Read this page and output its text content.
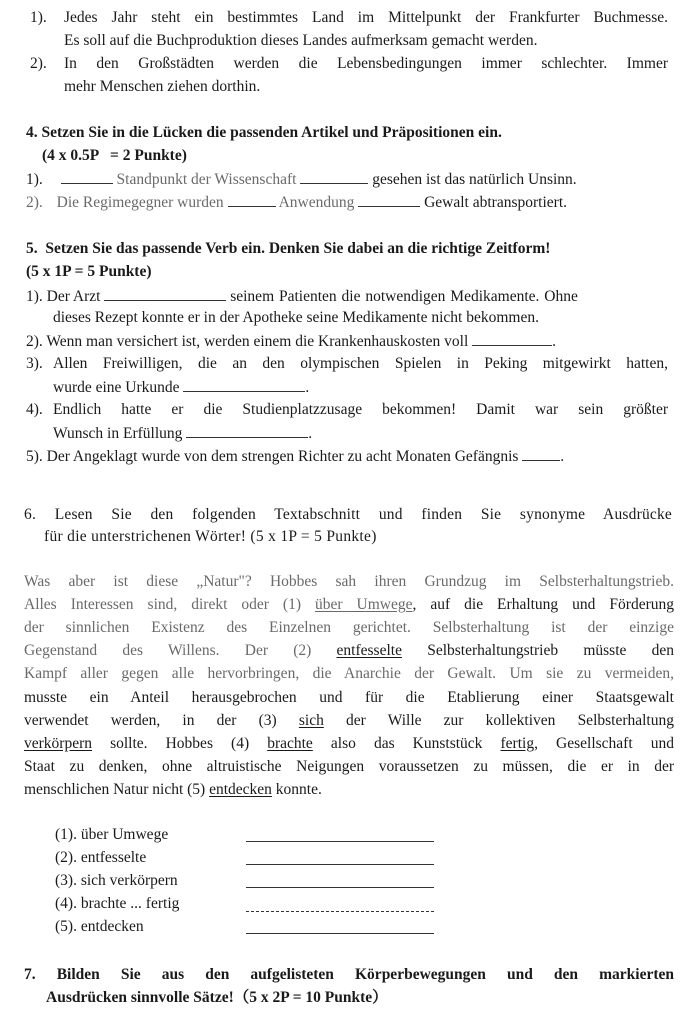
1). Jedes Jahr steht ein bestimmtes Land im Mittelpunkt der Frankfurter Buchmesse.
Es soll auf die Buchproduktion dieses Landes aufmerksam gemacht werden.
2). In den Großstädten werden die Lebensbedingungen immer schlechter. Immer
mehr Menschen ziehen dorthin.
4. Setzen Sie in die Lücken die passenden Artikel und Präpositionen ein.
(4 x 0.5P   = 2 Punkte)
1).	Standpunkt der Wissenschaft	gesehen ist das natürlich Unsinn.
2). Die Regimegegner wurden	Anwendung	Gewalt abtransportiert.
5.  Setzen Sie das passende Verb ein. Denken Sie dabei an die richtige Zeitform!
(5 x 1P = 5 Punkte)
1). Der Arzt	seinem Patienten die notwendigen Medikamente. Ohne
dieses Rezept konnte er in der Apotheke seine Medikamente nicht bekommen.
2). Wenn man versichert ist, werden einem die Krankenhauskosten voll	.
3). Allen Freiwilligen, die an den olympischen Spielen in Peking mitgewirkt hatten,
wurde eine Urkunde	.
4). Endlich hatte er die Studienplatzzusage bekommen! Damit war sein größter
Wunsch in Erfüllung	.
5). Der Angeklagt wurde von dem strengen Richter zu acht Monaten Gefängnis	.
6. Lesen Sie den folgenden Textabschnitt und finden Sie synonyme Ausdrücke
für die unterstrichenen Wörter! (5 x 1P = 5 Punkte)
Was aber ist diese „Natur"? Hobbes sah ihren Grundzug im Selbsterhaltungstrieb.
Alles Interessen sind, direkt oder (1) über Umwege, auf die Erhaltung und Förderung
der sinnlichen Existenz des Einzelnen gerichtet. Selbsterhaltung ist der einzige
Gegenstand des Willens. Der (2) entfesselte Selbsterhaltungstrieb müsste den
Kampf aller gegen alle hervorbringen, die Anarchie der Gewalt. Um sie zu vermeiden,
musste ein Anteil herausgebrochen und für die Etablierung einer Staatsgewalt
verwendet werden, in der (3) sich der Wille zur kollektiven Selbsterhaltung
verkörpern sollte. Hobbes (4) brachte also das Kunststück fertig, Gesellschaft und
Staat zu denken, ohne altruistische Neigungen voraussetzen zu müssen, die er in der
menschlichen Natur nicht (5) entdecken konnte.
(1). über Umwege
(2). entfesselte
(3). sich verkörpern
(4). brachte ... fertig
(5). entdecken
7. Bilden Sie aus den aufgelisteten Körperbewegungen und den markierten
Ausdrücken sinnvolle Sätze!（5 x 2P = 10 Punkte）
